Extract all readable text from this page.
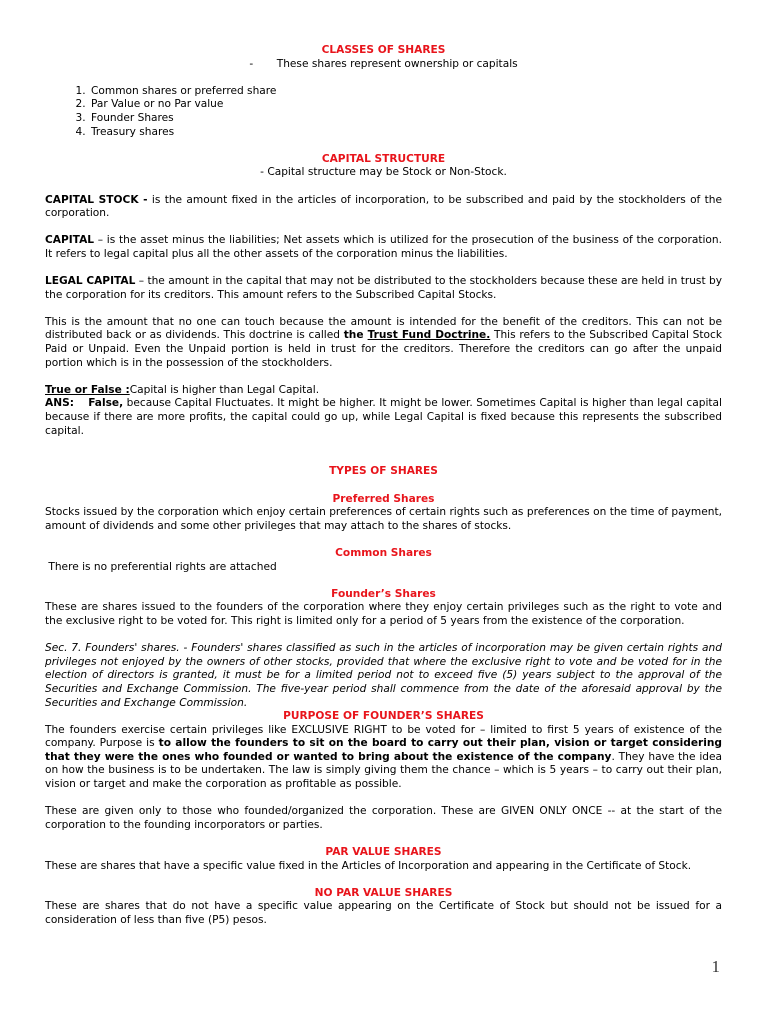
CLASSES OF SHARES

- These shares represent ownership or capitals

1. Common shares or preferred share
2. Par Value or no Par value
3. Founder Shares
4. Treasury shares

CAPITAL STRUCTURE

- Capital structure may be Stock or Non-Stock.

CAPITAL STOCK - is the amount fixed in the articles of incorporation, to be subscribed and paid by the stockholders of the corporation.

CAPITAL – is the asset minus the liabilities; Net assets which is utilized for the prosecution of the business of the corporation. It refers to legal capital plus all the other assets of the corporation minus the liabilities.

LEGAL CAPITAL – the amount in the capital that may not be distributed to the stockholders because these are held in trust by the corporation for its creditors. This amount refers to the Subscribed Capital Stocks.

This is the amount that no one can touch because the amount is intended for the benefit of the creditors. This can not be distributed back or as dividends. This doctrine is called the Trust Fund Doctrine. This refers to the Subscribed Capital Stock Paid or Unpaid. Even the Unpaid portion is held in trust for the creditors. Therefore the creditors can go after the unpaid portion which is in the possession of the stockholders.

True or False :Capital is higher than Legal Capital.

ANS: False, because Capital Fluctuates. It might be higher. It might be lower. Sometimes Capital is higher than legal capital because if there are more profits, the capital could go up, while Legal Capital is fixed because this represents the subscribed capital.

TYPES OF SHARES

Preferred Shares

Stocks issued by the corporation which enjoy certain preferences of certain rights such as preferences on the time of payment, amount of dividends and some other privileges that may attach to the shares of stocks.

Common Shares

There is no preferential rights are attached

Founder’s Shares

These are shares issued to the founders of the corporation where they enjoy certain privileges such as the right to vote and the exclusive right to be voted for. This right is limited only for a period of 5 years from the existence of the corporation.

Sec. 7. Founders' shares. - Founders' shares classified as such in the articles of incorporation may be given certain rights and privileges not enjoyed by the owners of other stocks, provided that where the exclusive right to vote and be voted for in the election of directors is granted, it must be for a limited period not to exceed five (5) years subject to the approval of the Securities and Exchange Commission. The five-year period shall commence from the date of the aforesaid approval by the Securities and Exchange Commission.

PURPOSE OF FOUNDER’S SHARES

The founders exercise certain privileges like EXCLUSIVE RIGHT to be voted for – limited to first 5 years of existence of the company. Purpose is to allow the founders to sit on the board to carry out their plan, vision or target considering that they were the ones who founded or wanted to bring about the existence of the company. They have the idea on how the business is to be undertaken. The law is simply giving them the chance – which is 5 years – to carry out their plan, vision or target and make the corporation as profitable as possible.

These are given only to those who founded/organized the corporation. These are GIVEN ONLY ONCE -- at the start of the corporation to the founding incorporators or parties.

PAR VALUE SHARES

These are shares that have a specific value fixed in the Articles of Incorporation and appearing in the Certificate of Stock.

NO PAR VALUE SHARES

These are shares that do not have a specific value appearing on the Certificate of Stock but should not be issued for a consideration of less than five (P5) pesos.

1
